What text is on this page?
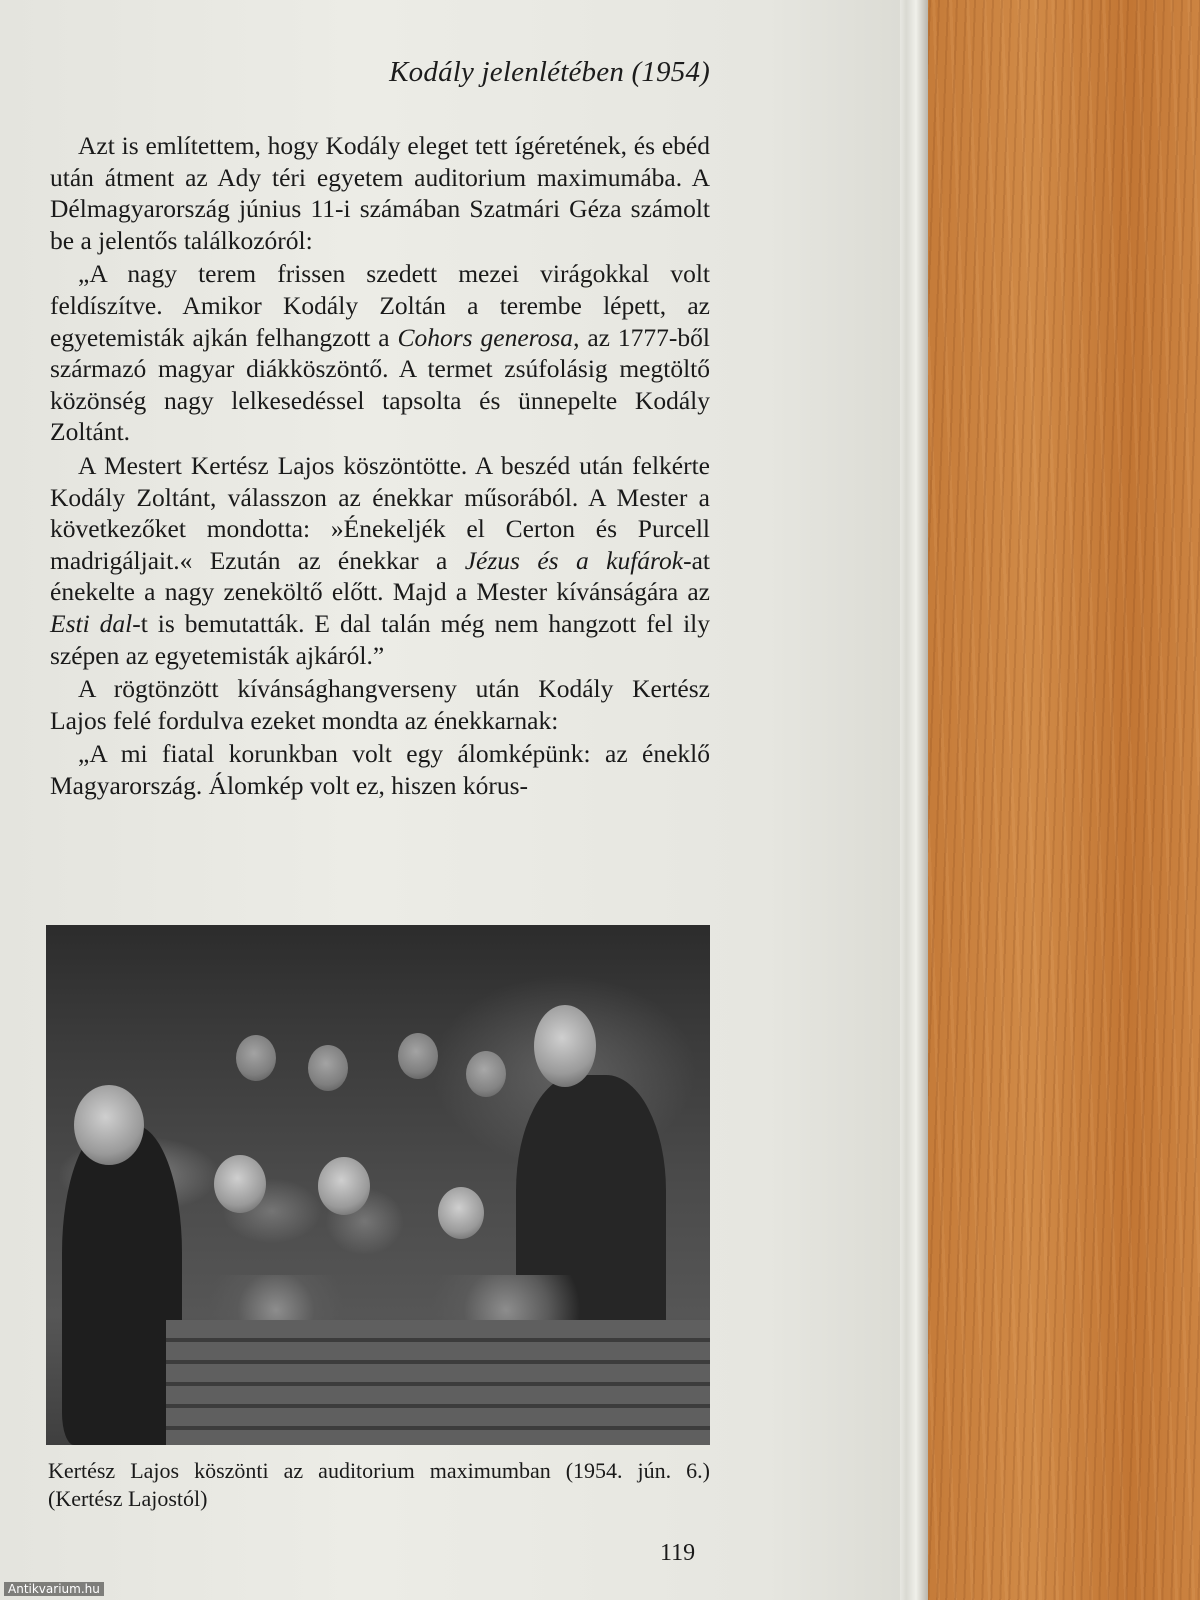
Kodály jelenlétében (1954)

Azt is említettem, hogy Kodály eleget tett ígéretének, és ebéd után átment az Ady téri egyetem auditorium maximumába. A Délmagyarország június 11-i számában Szatmári Géza számolt be a jelentős találkozóról:

„A nagy terem frissen szedett mezei virágokkal volt feldíszítve. Amikor Kodály Zoltán a terembe lépett, az egyetemisták ajkán felhangzott a Cohors generosa, az 1777-ből származó magyar diákköszöntő. A termet zsúfolásig megtöltő közönség nagy lelkesedéssel tapsolta és ünnepelte Kodály Zoltánt.

A Mestert Kertész Lajos köszöntötte. A beszéd után felkérte Kodály Zoltánt, válasszon az énekkar műsorából. A Mester a következőket mondotta: »Énekeljék el Certon és Purcell madrigáljait.« Ezután az énekkar a Jézus és a kufárok-at énekelte a nagy zeneköltő előtt. Majd a Mester kívánságára az Esti dal-t is bemutatták. E dal talán még nem hangzott fel ily szépen az egyetemisták ajkáról.”

A rögtönzött kívánsághangverseny után Kodály Kertész Lajos felé fordulva ezeket mondta az énekkarnak:

„A mi fiatal korunkban volt egy álomképünk: az éneklő Magyarország. Álomkép volt ez, hiszen kórus-

Kertész Lajos köszönti az auditorium maximumban (1954. jún. 6.) (Kertész Lajostól)
119
Antikvarium.hu
